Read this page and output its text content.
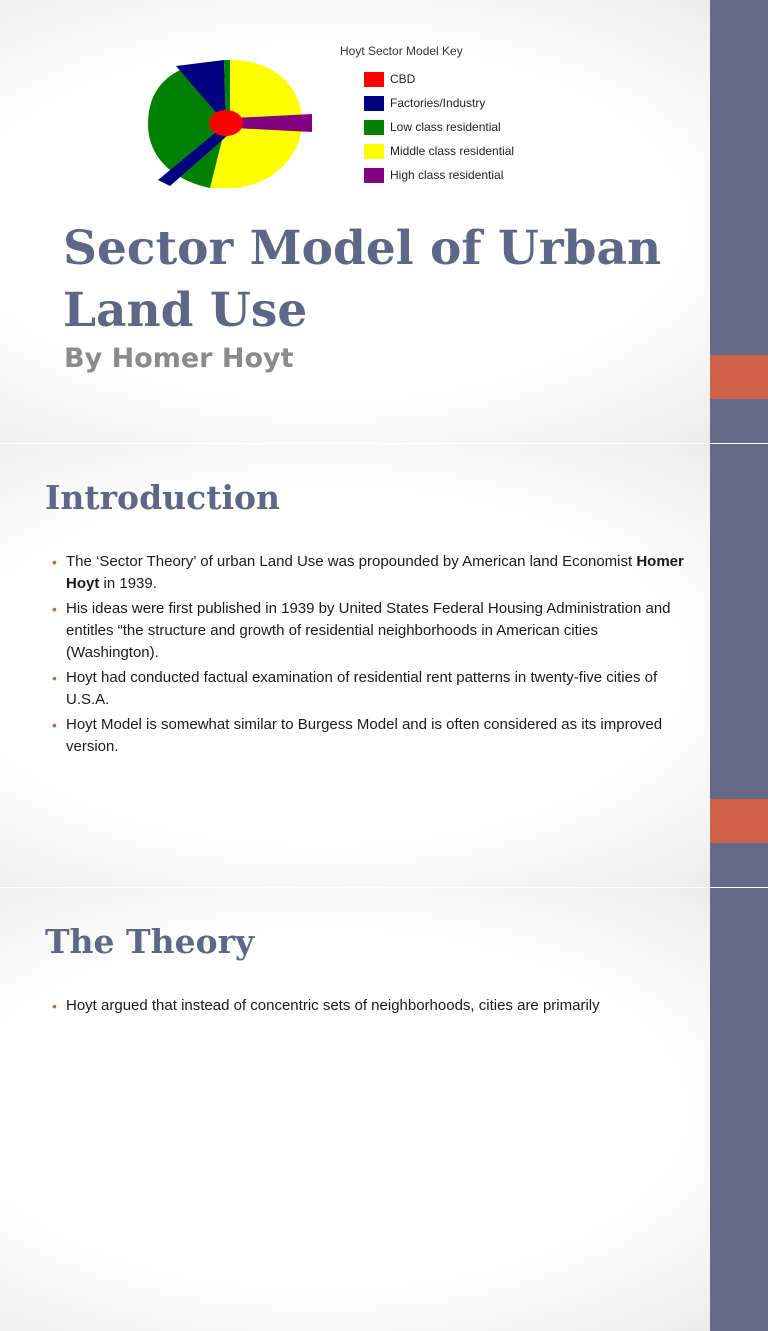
Hoyt Sector Model Key
CBD
Factories/Industry
Low class residential
Middle class residential
High class residential
Sector Model of Urban Land Use
By Homer Hoyt
Introduction
• The ‘Sector Theory’ of urban Land Use was propounded by American land Economist Homer Hoyt in 1939.
• His ideas were first published in 1939 by United States Federal Housing Administration and entitles “the structure and growth of residential neighborhoods in American cities (Washington).
• Hoyt had conducted factual examination of residential rent patterns in twenty-five cities of U.S.A.
• Hoyt Model is somewhat similar to Burgess Model and is often considered as its improved version.
The Theory
• Hoyt argued that instead of concentric sets of neighborhoods, cities are primarily
